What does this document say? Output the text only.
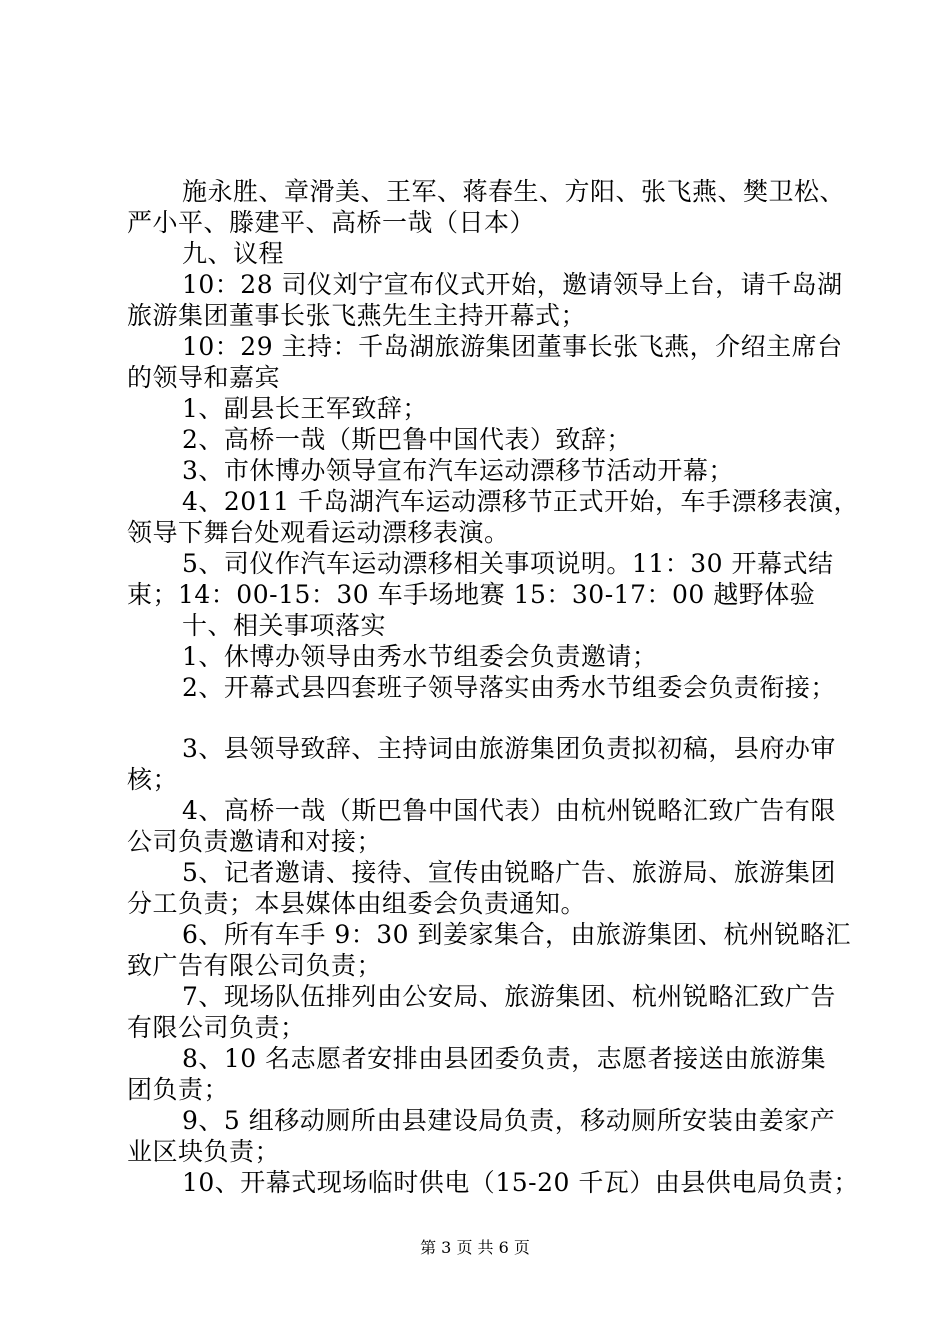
施永胜、章滑美、王军、蒋春生、方阳、张飞燕、樊卫松、
严小平、滕建平、高桥一哉（日本）
九、议程
10：28 司仪刘宁宣布仪式开始，邀请领导上台，请千岛湖
旅游集团董事长张飞燕先生主持开幕式；
10：29 主持：千岛湖旅游集团董事长张飞燕，介绍主席台
的领导和嘉宾
1、副县长王军致辞；
2、高桥一哉（斯巴鲁中国代表）致辞；
3、市休博办领导宣布汽车运动漂移节活动开幕；
4、2011 千岛湖汽车运动漂移节正式开始，车手漂移表演，
领导下舞台处观看运动漂移表演。
5、司仪作汽车运动漂移相关事项说明。11：30 开幕式结
束；14：00-15：30 车手场地赛 15：30-17：00 越野体验
十、相关事项落实
1、休博办领导由秀水节组委会负责邀请；
2、开幕式县四套班子领导落实由秀水节组委会负责衔接；
3、县领导致辞、主持词由旅游集团负责拟初稿，县府办审
核；
4、高桥一哉（斯巴鲁中国代表）由杭州锐略汇致广告有限
公司负责邀请和对接；
5、记者邀请、接待、宣传由锐略广告、旅游局、旅游集团
分工负责；本县媒体由组委会负责通知。
6、所有车手 9：30 到姜家集合，由旅游集团、杭州锐略汇
致广告有限公司负责；
7、现场队伍排列由公安局、旅游集团、杭州锐略汇致广告
有限公司负责；
8、10 名志愿者安排由县团委负责，志愿者接送由旅游集
团负责；
9、5 组移动厕所由县建设局负责，移动厕所安装由姜家产
业区块负责；
10、开幕式现场临时供电（15-20 千瓦）由县供电局负责；
第 3 页 共 6 页
